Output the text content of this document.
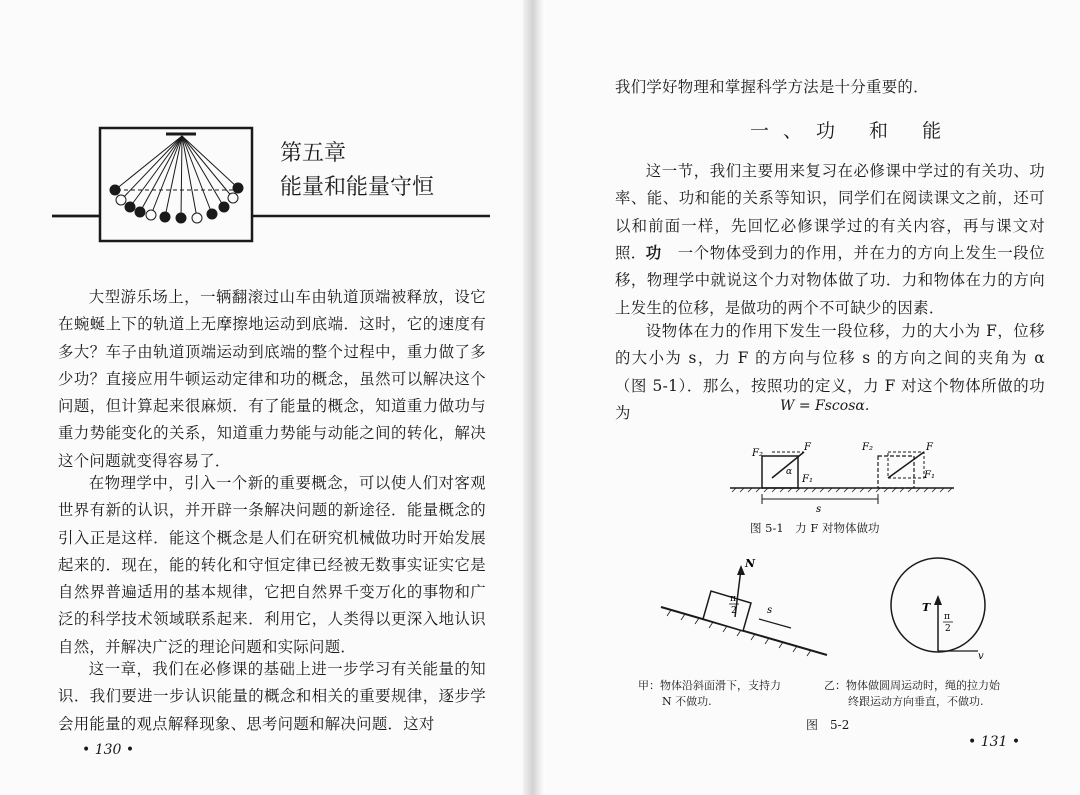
第五章
能量和能量守恒

大型游乐场上，一辆翻滚过山车由轨道顶端被释放，设它在蜿蜒上下的轨道上无摩擦地运动到底端．这时，它的速度有多大？车子由轨道顶端运动到底端的整个过程中，重力做了多少功？直接应用牛顿运动定律和功的概念，虽然可以解决这个问题，但计算起来很麻烦．有了能量的概念，知道重力做功与重力势能变化的关系，知道重力势能与动能之间的转化，解决这个问题就变得容易了．

在物理学中，引入一个新的重要概念，可以使人们对客观世界有新的认识，并开辟一条解决问题的新途径．能量概念的引入正是这样．能这个概念是人们在研究机械做功时开始发展起来的．现在，能的转化和守恒定律已经被无数事实证实它是自然界普遍适用的基本规律，它把自然界千变万化的事物和广泛的科学技术领域联系起来．利用它，人类得以更深入地认识自然，并解决广泛的理论问题和实际问题．

这一章，我们在必修课的基础上进一步学习有关能量的知识．我们要进一步认识能量的概念和相关的重要规律，逐步学会用能量的观点解释现象、思考问题和解决问题．这对

• 130 •

我们学好物理和掌握科学方法是十分重要的．

一、功 和 能

这一节，我们主要用来复习在必修课中学过的有关功、功率、能、功和能的关系等知识，同学们在阅读课文之前，还可以和前面一样，先回忆必修课学过的有关内容，再与课文对照． 功　 一个物体受到力的作用，并在力的方向上发生一段位移，物理学中就说这个力对物体做了功．力和物体在力的方向上发生的位移，是做功的两个不可缺少的因素．

设物体在力的作用下发生一段位移，力的大小为 F，位移的大小为 s，力 F 的方向与位移 s 的方向之间的夹角为 α（图 5-1）．那么，按照功的定义，力 F 对这个物体所做的功为	W = Fscosα.
F₂
F
α
F₁
F₂	F
F₁
s
图 5-1　力 F 对物体做功
N
π
2	s	T
π
2
v
甲：物体沿斜面滑下，支持力
N 不做功.
乙：物体做圆周运动时，绳的拉力始
终跟运动方向垂直，不做功.
图　5-2
• 131 •
